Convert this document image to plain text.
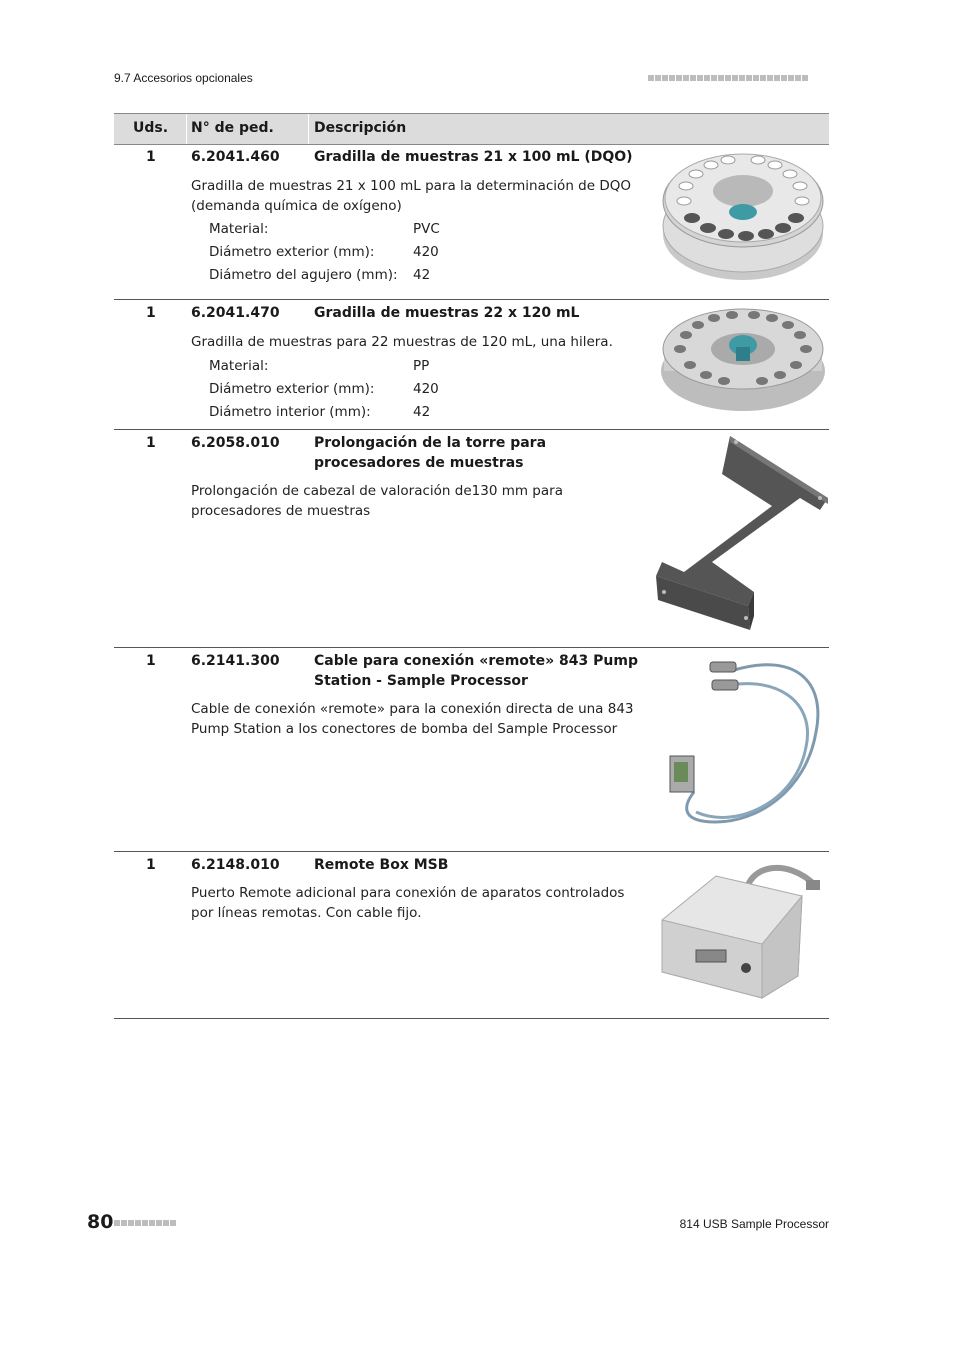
9.7 Accesorios opcionales
Uds. N° de ped.	Descripción
1	6.2041.460 Gradilla de muestras 21 x 100 mL (DQO)
Gradilla de muestras 21 x 100 mL para la determinación de DQO (demanda química de oxígeno)
Material:	PVC
Diámetro exterior (mm):	420
Diámetro del agujero (mm): 42
1	6.2041.470 Gradilla de muestras 22 x 120 mL
Gradilla de muestras para 22 muestras de 120 mL, una hilera.
Material:	PP
Diámetro exterior (mm):	420
Diámetro interior (mm):	42
1	6.2058.010 Prolongación de la torre para procesadores de muestras
Prolongación de cabezal de valoración de130 mm para procesadores de muestras
1	6.2141.300 Cable para conexión «remote» 843 Pump Station - Sample Processor
Cable de conexión «remote» para la conexión directa de una 843 Pump Station a los conectores de bomba del Sample Processor
1	6.2148.010 Remote Box MSB
Puerto Remote adicional para conexión de aparatos controlados por líneas remotas. Con cable fijo.
80	814 USB Sample Processor
